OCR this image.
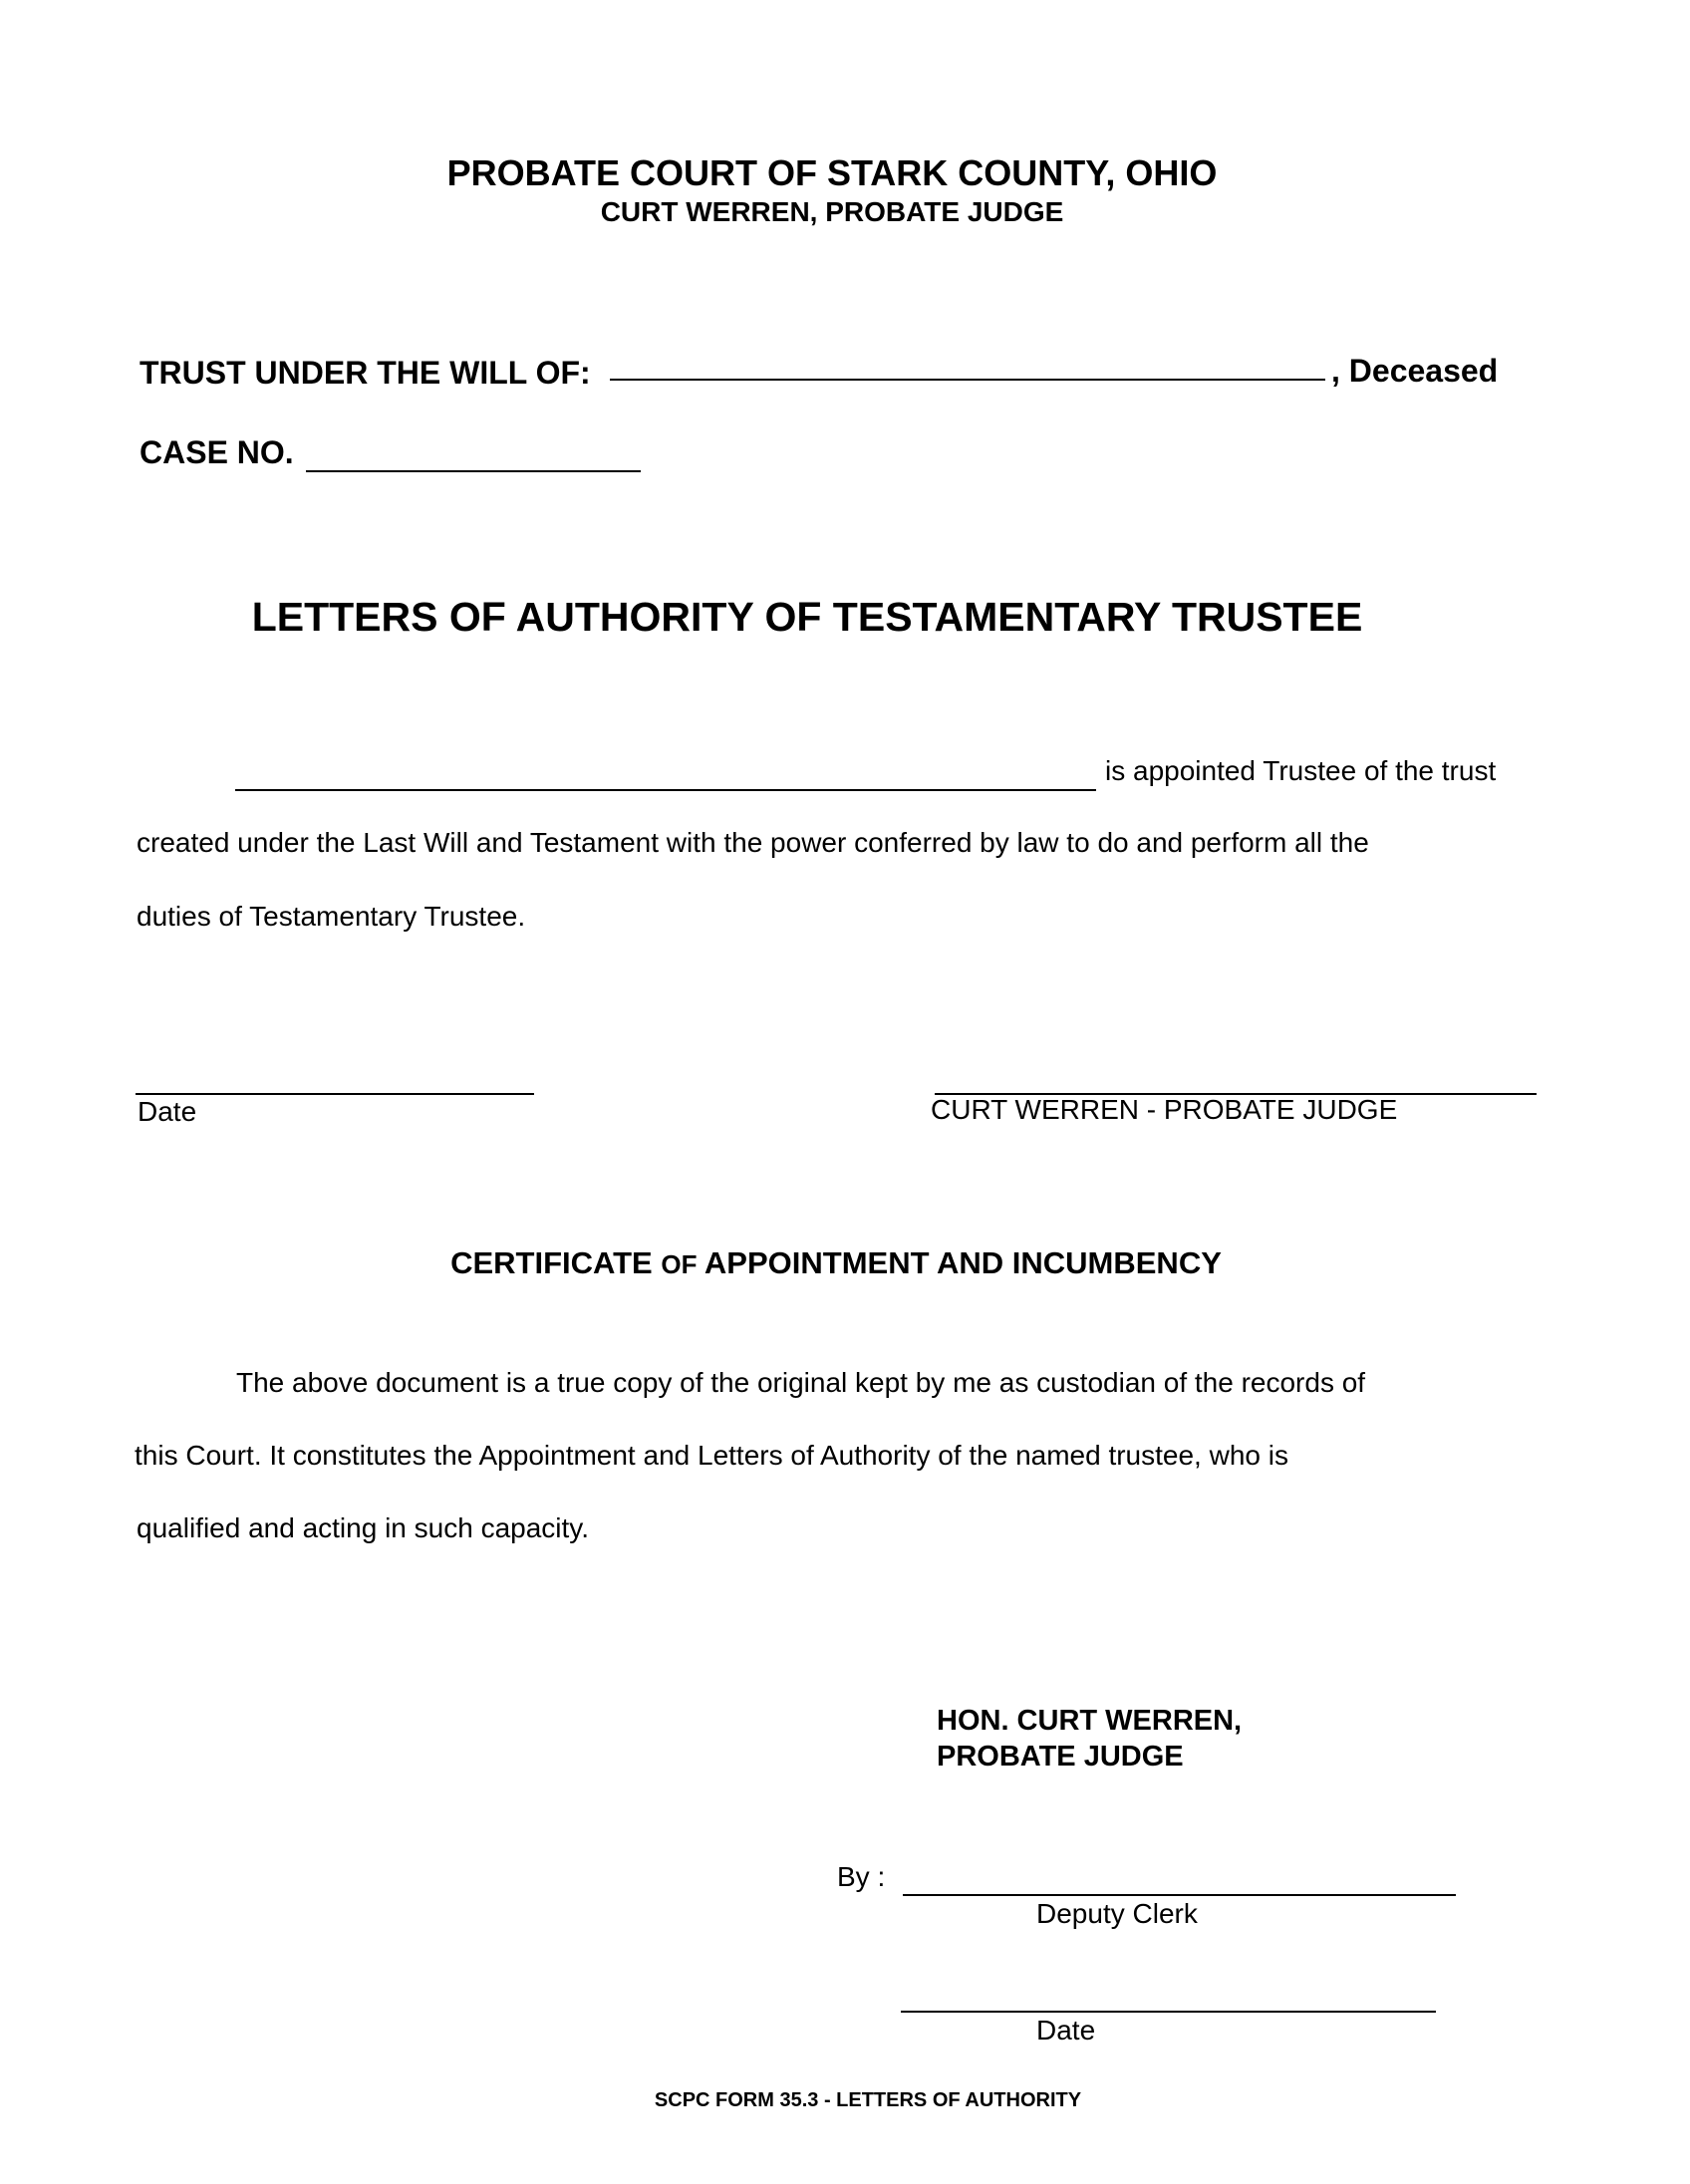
PROBATE COURT OF STARK COUNTY, OHIO
CURT WERREN, PROBATE JUDGE
TRUST UNDER THE WILL OF:	, Deceased
CASE NO.
LETTERS OF AUTHORITY OF TESTAMENTARY TRUSTEE
is appointed Trustee of the trust
created under the Last Will and Testament with the power conferred by law to do and perform all the
duties of Testamentary Trustee.
Date	CURT WERREN - PROBATE JUDGE
CERTIFICATE OF APPOINTMENT AND INCUMBENCY
The above document is a true copy of the original kept by me as custodian of the records of
this Court. It constitutes the Appointment and Letters of Authority of the named trustee, who is
qualified and acting in such capacity.
HON. CURT WERREN,
PROBATE JUDGE
By :
Deputy Clerk
Date
SCPC FORM 35.3 - LETTERS OF AUTHORITY
